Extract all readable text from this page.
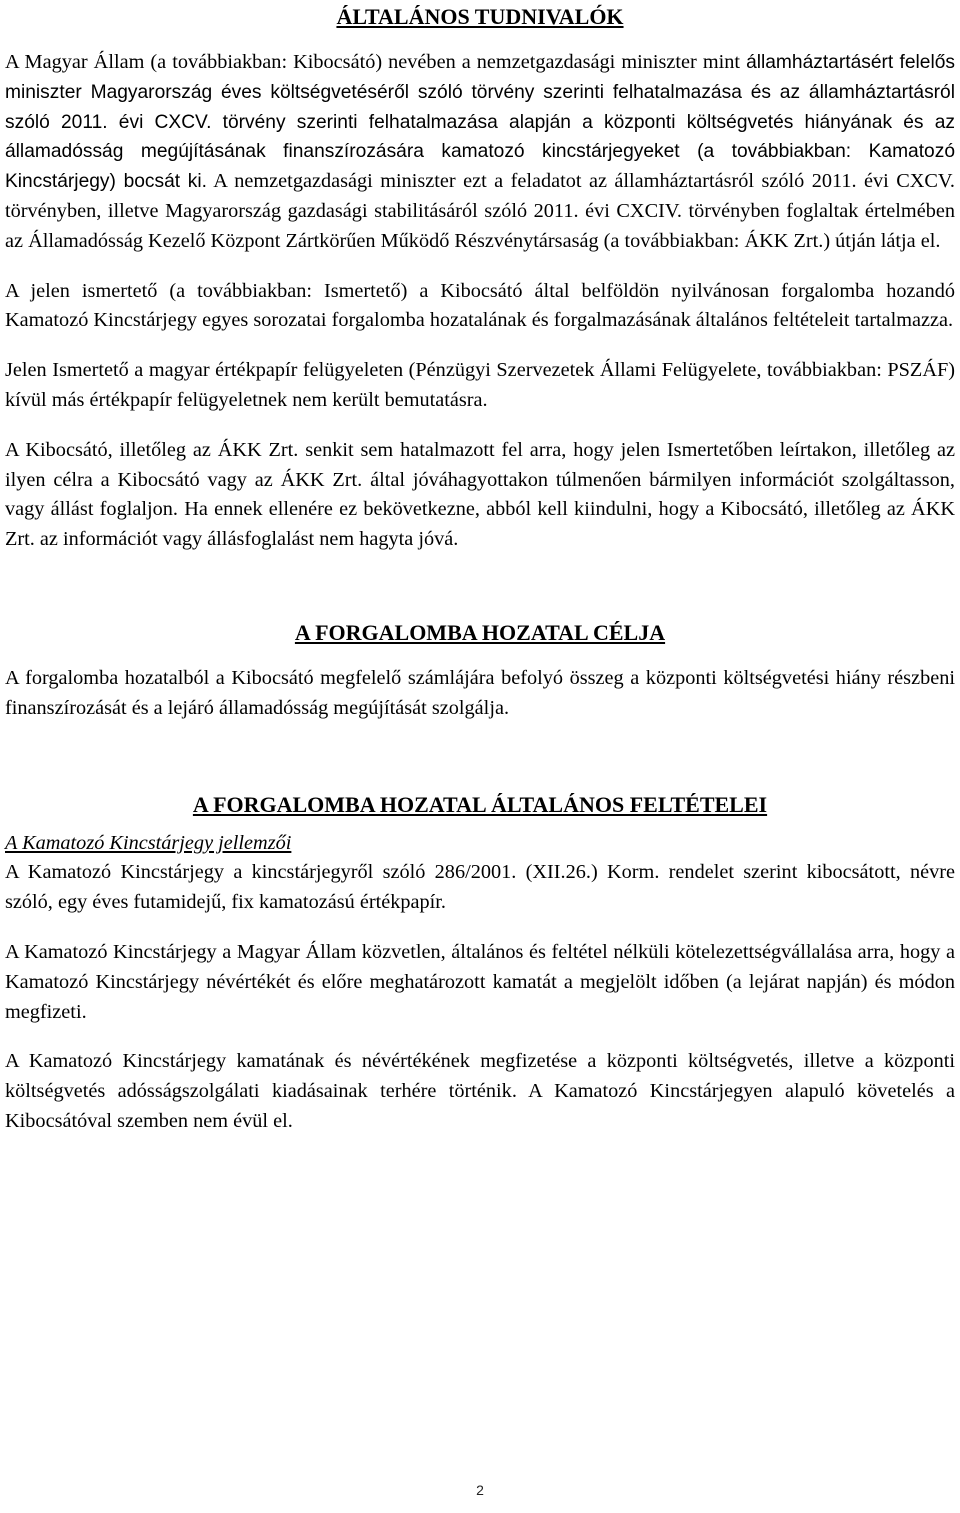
ÁLTALÁNOS TUDNIVALÓK

A Magyar Állam (a továbbiakban: Kibocsátó) nevében a nemzetgazdasági miniszter mint államháztartásért felelős miniszter Magyarország éves költségvetéséről szóló törvény szerinti felhatalmazása és az államháztartásról szóló 2011. évi CXCV. törvény szerinti felhatalmazása alapján a központi költségvetés hiányának és az államadósság megújításának finanszírozására kamatozó kincstárjegyeket (a továbbiakban: Kamatozó Kincstárjegy) bocsát ki. A nemzetgazdasági miniszter ezt a feladatot az államháztartásról szóló 2011. évi CXCV. törvényben, illetve Magyarország gazdasági stabilitásáról szóló 2011. évi CXCIV. törvényben foglaltak értelmében az Államadósság Kezelő Központ Zártkörűen Működő Részvénytársaság (a továbbiakban: ÁKK Zrt.) útján látja el.

A jelen ismertető (a továbbiakban: Ismertető) a Kibocsátó által belföldön nyilvánosan forgalomba hozandó Kamatozó Kincstárjegy egyes sorozatai forgalomba hozatalának és forgalmazásának általános feltételeit tartalmazza.

Jelen Ismertető a magyar értékpapír felügyeleten (Pénzügyi Szervezetek Állami Felügyelete, továbbiakban: PSZÁF) kívül más értékpapír felügyeletnek nem került bemutatásra.

A Kibocsátó, illetőleg az ÁKK Zrt. senkit sem hatalmazott fel arra, hogy jelen Ismertetőben leírtakon, illetőleg az ilyen célra a Kibocsátó vagy az ÁKK Zrt. által jóváhagyottakon túlmenően bármilyen információt szolgáltasson, vagy állást foglaljon. Ha ennek ellenére ez bekövetkezne, abból kell kiindulni, hogy a Kibocsátó, illetőleg az ÁKK Zrt. az információt vagy állásfoglalást nem hagyta jóvá.

A FORGALOMBA HOZATAL CÉLJA

A forgalomba hozatalból a Kibocsátó megfelelő számlájára befolyó összeg a központi költségvetési hiány részbeni finanszírozását és a lejáró államadósság megújítását szolgálja.

A FORGALOMBA HOZATAL ÁLTALÁNOS FELTÉTELEI

A Kamatozó Kincstárjegy jellemzői

A Kamatozó Kincstárjegy a kincstárjegyről szóló 286/2001. (XII.26.) Korm. rendelet szerint kibocsátott, névre szóló, egy éves futamidejű, fix kamatozású értékpapír.

A Kamatozó Kincstárjegy a Magyar Állam közvetlen, általános és feltétel nélküli kötelezettségvállalása arra, hogy a Kamatozó Kincstárjegy névértékét és előre meghatározott kamatát a megjelölt időben (a lejárat napján) és módon megfizeti.

A Kamatozó Kincstárjegy kamatának és névértékének megfizetése a központi költségvetés, illetve a központi költségvetés adósságszolgálati kiadásainak terhére történik. A Kamatozó Kincstárjegyen alapuló követelés a Kibocsátóval szemben nem évül el.

2
